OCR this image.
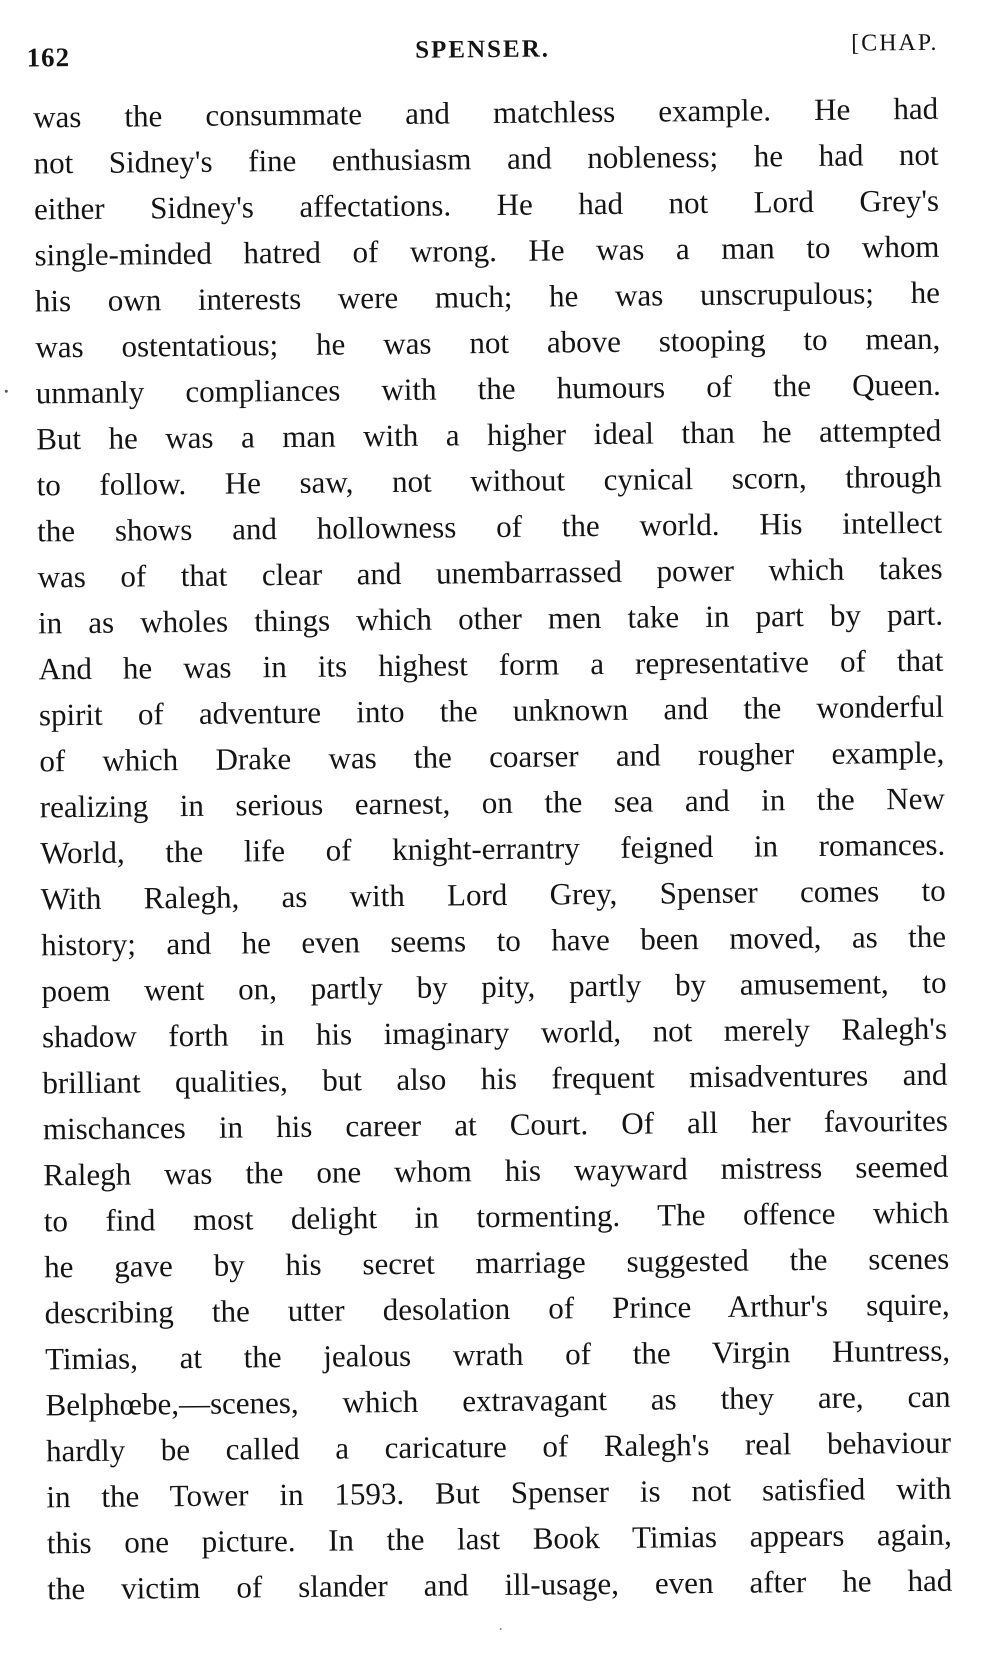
162	SPENSER.	[CHAP.
was the consummate and matchless example. He had
not Sidney's fine enthusiasm and nobleness; he had not
either Sidney's affectations. He had not Lord Grey's
single-minded hatred of wrong. He was a man to whom
his own interests were much; he was unscrupulous; he
was ostentatious; he was not above stooping to mean,
unmanly compliances with the humours of the Queen.
But he was a man with a higher ideal than he attempted
to follow. He saw, not without cynical scorn, through
the shows and hollowness of the world. His intellect
was of that clear and unembarrassed power which takes
in as wholes things which other men take in part by part.
And he was in its highest form a representative of that
spirit of adventure into the unknown and the wonderful
of which Drake was the coarser and rougher example,
realizing in serious earnest, on the sea and in the New
World, the life of knight-errantry feigned in romances.
With Ralegh, as with Lord Grey, Spenser comes to
history; and he even seems to have been moved, as the
poem went on, partly by pity, partly by amusement, to
shadow forth in his imaginary world, not merely Ralegh's
brilliant qualities, but also his frequent misadventures and
mischances in his career at Court. Of all her favourites
Ralegh was the one whom his wayward mistress seemed
to find most delight in tormenting. The offence which
he gave by his secret marriage suggested the scenes
describing the utter desolation of Prince Arthur's squire,
Timias, at the jealous wrath of the Virgin Huntress,
Belphœbe,—scenes, which extravagant as they are, can
hardly be called a caricature of Ralegh's real behaviour
in the Tower in 1593. But Spenser is not satisfied with
this one picture. In the last Book Timias appears again,
the victim of slander and ill-usage, even after he had
